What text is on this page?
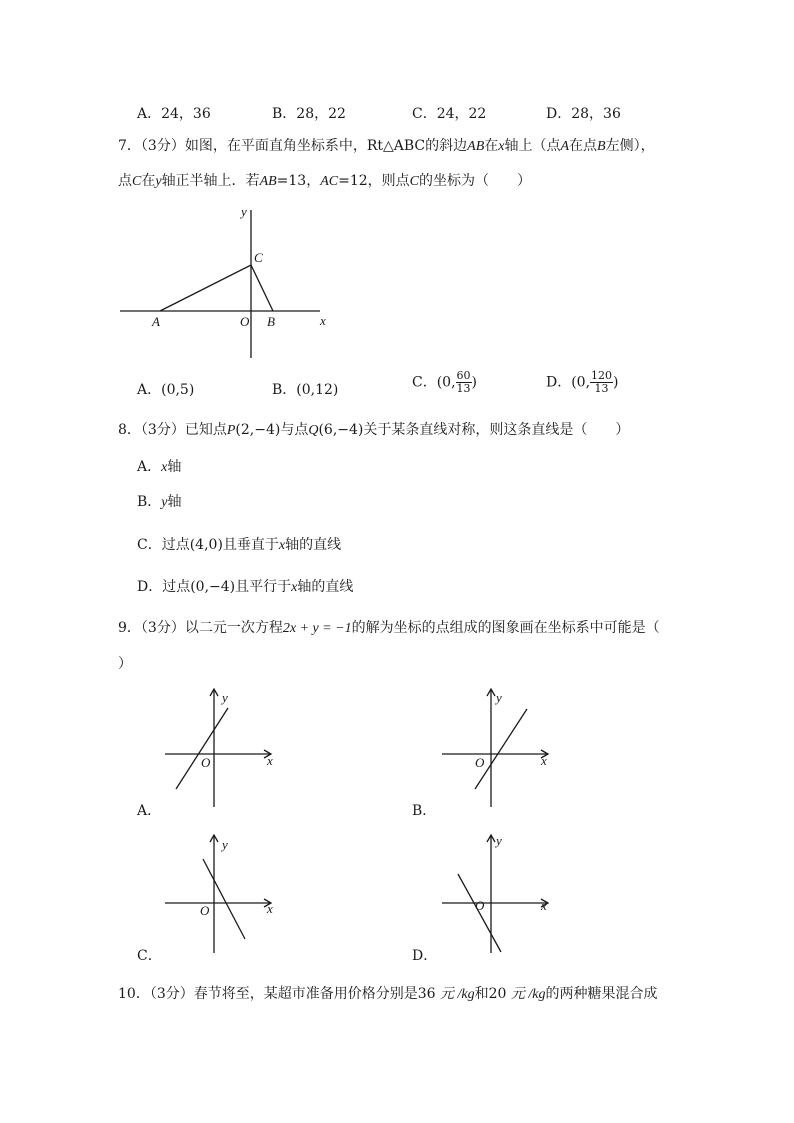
A．24，36	B．28，22	C．24，22	D．28，36
7．（3分）如图，在平面直角坐标系中，Rt△ABC的斜边AB在x轴上（点A在点B左侧），
点C在y轴正半轴上．若AB=13，AC=12，则点C的坐标为（　　）
y
C
A	O B	x
A．(0,5)	B．(0,12)	C．(0, $\frac{60}{13}$ )	D．(0, $\frac{120}{13}$ )
8．（3分）已知点P(2,−4)与点Q(6,−4)关于某条直线对称，则这条直线是（　　）
A．x轴
B．y轴
C．过点(4,0)且垂直于x轴的直线
D．过点(0,−4)且平行于x轴的直线
9．（3分）以二元一次方程2x + y = −1的解为坐标的点组成的图象画在坐标系中可能是（
）
y
x
O
A．
y
x
O
B．
y
x
O
C．
y
x
O
D．
10．（3分）春节将至，某超市准备用价格分别是36 元 /kg和20 元 /kg的两种糖果混合成
